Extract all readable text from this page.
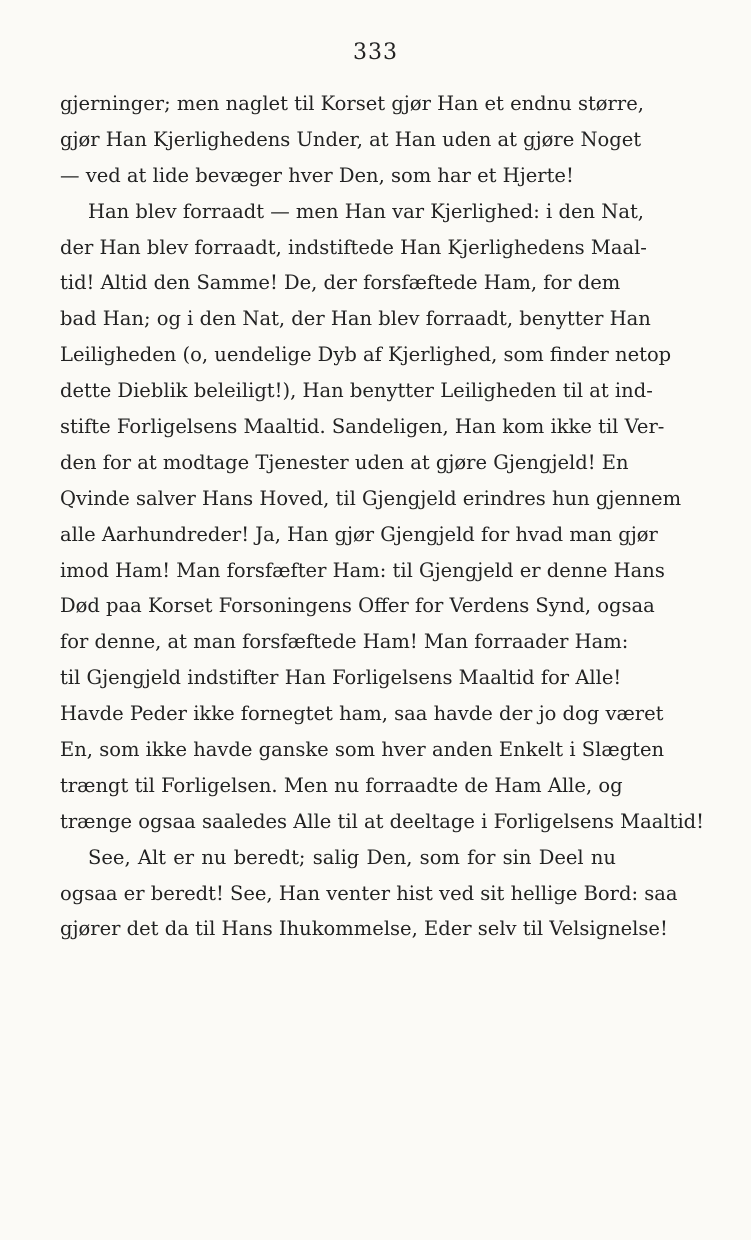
333
gjerninger; men naglet til Korset gjør Han et endnu større,
gjør Han Kjerlighedens Under, at Han uden at gjøre Noget
— ved at lide bevæger hver Den, som har et Hjerte!
Han blev forraadt — men Han var Kjerlighed: i den Nat,
der Han blev forraadt, indstiftede Han Kjerlighedens Maal-
tid! Altid den Samme! De, der forsfæftede Ham, for dem
bad Han; og i den Nat, der Han blev forraadt, benytter Han
Leiligheden (o, uendelige Dyb af Kjerlighed, som finder netop
dette Dieblik beleiligt!), Han benytter Leiligheden til at ind-
stifte Forligelsens Maaltid. Sandeligen, Han kom ikke til Ver-
den for at modtage Tjenester uden at gjøre Gjengjeld! En
Qvinde salver Hans Hoved, til Gjengjeld erindres hun gjennem
alle Aarhundreder! Ja, Han gjør Gjengjeld for hvad man gjør
imod Ham! Man forsfæfter Ham: til Gjengjeld er denne Hans
Død paa Korset Forsoningens Offer for Verdens Synd, ogsaa
for denne, at man forsfæftede Ham! Man forraader Ham:
til Gjengjeld indstifter Han Forligelsens Maaltid for Alle!
Havde Peder ikke fornegtet ham, saa havde der jo dog været
En, som ikke havde ganske som hver anden Enkelt i Slægten
trængt til Forligelsen. Men nu forraadte de Ham Alle, og
trænge ogsaa saaledes Alle til at deeltage i Forligelsens Maaltid!
See, Alt er nu beredt; salig Den, som for sin Deel nu
ogsaa er beredt! See, Han venter hist ved sit hellige Bord: saa
gjører det da til Hans Ihukommelse, Eder selv til Velsignelse!
